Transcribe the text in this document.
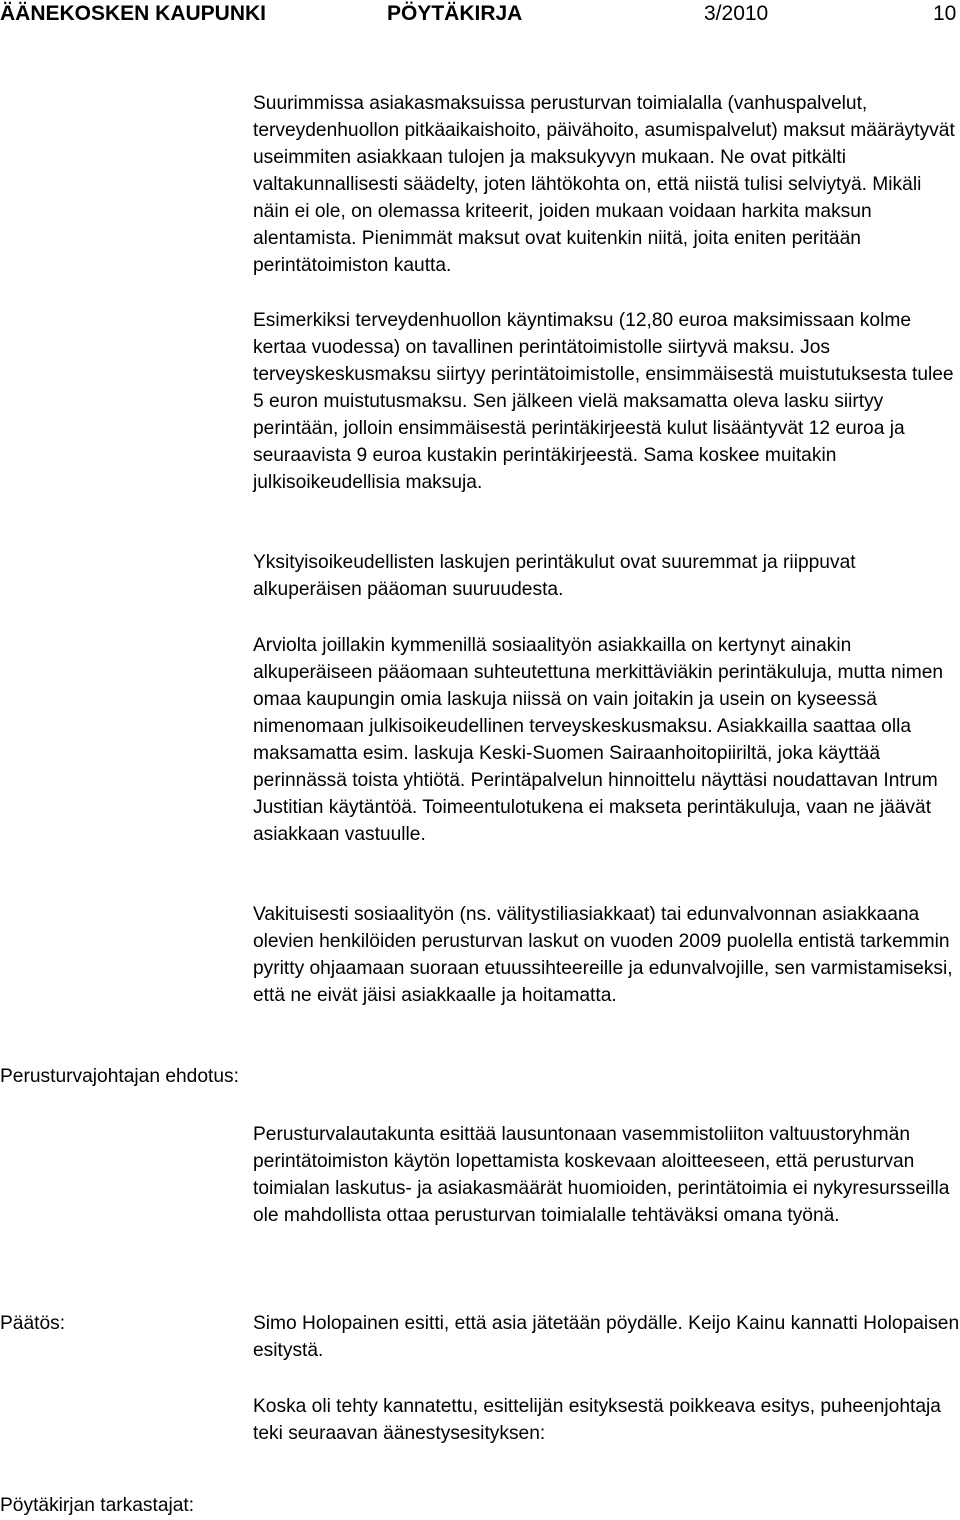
ÄÄNEKOSKEN KAUPUNKI	PÖYTÄKIRJA	3/2010	10

Suurimmissa asiakasmaksuissa perusturvan toimialalla (vanhuspalvelut, terveydenhuollon pitkäaikaishoito, päivähoito, asumispalvelut) maksut määräytyvät useimmiten asiakkaan tulojen ja maksukyvyn mukaan. Ne ovat pitkälti valtakunnallisesti säädelty, joten lähtökohta on, että niistä tulisi selviytyä. Mikäli näin ei ole, on olemassa kriteerit, joiden mukaan voidaan harkita maksun alentamista. Pienimmät maksut ovat kuitenkin niitä, joita eniten peritään perintätoimiston kautta.

Esimerkiksi terveydenhuollon käyntimaksu (12,80 euroa maksimissaan kolme kertaa vuodessa) on tavallinen perintätoimistolle siirtyvä maksu. Jos terveyskeskusmaksu siirtyy perintätoimistolle, ensimmäisestä muistutuksesta tulee 5 euron muistutusmaksu. Sen jälkeen vielä maksamatta oleva lasku siirtyy perintään, jolloin ensimmäisestä perintäkirjeestä kulut lisääntyvät 12 euroa ja seuraavista 9 euroa kustakin perintäkirjeestä. Sama koskee muitakin julkisoikeudellisia maksuja.

Yksityisoikeudellisten laskujen perintäkulut ovat suuremmat ja riippuvat alkuperäisen pääoman suuruudesta.

Arviolta joillakin kymmenillä sosiaalityön asiakkailla on kertynyt ainakin alkuperäiseen pääomaan suhteutettuna merkittäviäkin perintäkuluja, mutta nimen omaa kaupungin omia laskuja niissä on vain joitakin ja usein on kyseessä nimenomaan julkisoikeudellinen terveyskeskusmaksu. Asiakkailla saattaa olla maksamatta esim. laskuja Keski-Suomen Sairaanhoitopiiriltä, joka käyttää perinnässä toista yhtiötä. Perintäpalvelun hinnoittelu näyttäsi noudattavan Intrum Justitian käytäntöä. Toimeentulotukena ei makseta perintäkuluja, vaan ne jäävät asiakkaan vastuulle.

Vakituisesti sosiaalityön (ns. välitystiliasiakkaat) tai edunvalvonnan asiakkaana olevien henkilöiden perusturvan laskut on vuoden 2009 puolella entistä tarkemmin pyritty ohjaamaan suoraan etuussihteereille ja edunvalvojille, sen varmistamiseksi, että ne eivät jäisi asiakkaalle ja hoitamatta.

Perusturvajohtajan ehdotus:

Perusturvalautakunta esittää lausuntonaan vasemmistoliiton valtuustoryhmän perintätoimiston käytön lopettamista koskevaan aloitteeseen, että perusturvan toimialan laskutus- ja asiakasmäärät huomioiden, perintätoimia ei nykyresursseilla ole mahdollista ottaa perusturvan toimialalle tehtäväksi omana työnä.

Päätös:	Simo Holopainen esitti, että asia jätetään pöydälle. Keijo Kainu kannatti Holopaisen esitystä.

Koska oli tehty kannatettu, esittelijän esityksestä poikkeava esitys, puheenjohtaja teki seuraavan äänestysesityksen:

Pöytäkirjan tarkastajat:
